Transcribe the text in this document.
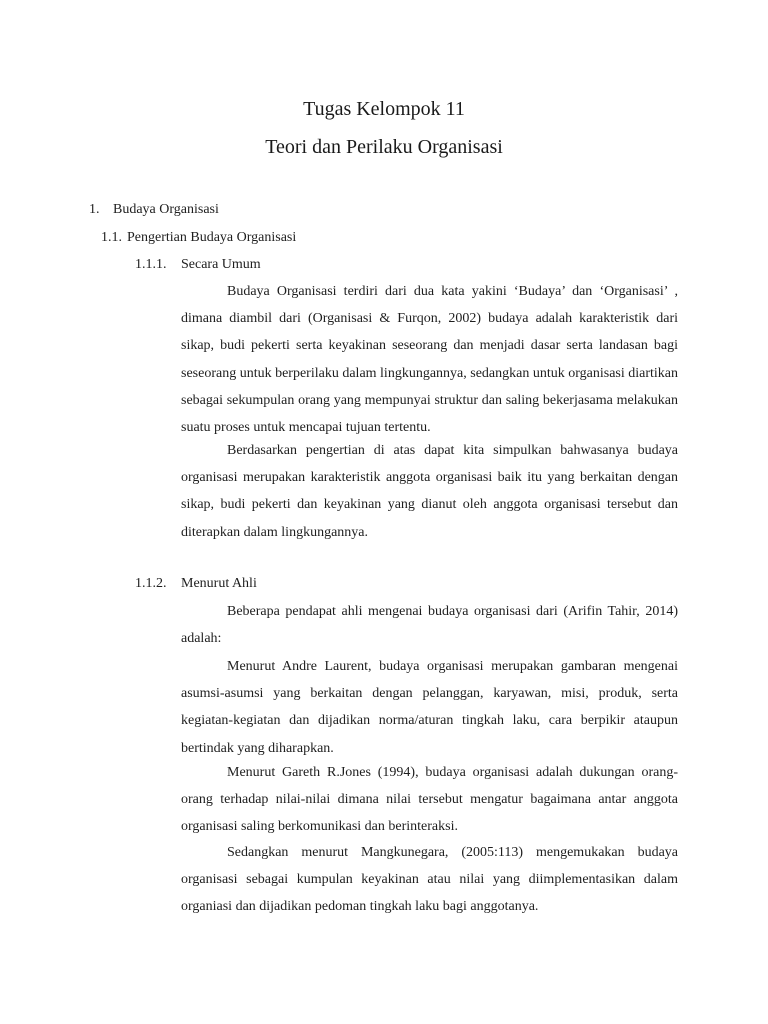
Tugas Kelompok 11
Teori dan Perilaku Organisasi
1. Budaya Organisasi
1.1. Pengertian Budaya Organisasi
1.1.1. Secara Umum

Budaya Organisasi terdiri dari dua kata yakini ‘Budaya’ dan ‘Organisasi’ , dimana diambil dari (Organisasi & Furqon, 2002) budaya adalah karakteristik dari sikap, budi pekerti serta keyakinan seseorang dan menjadi dasar serta landasan bagi seseorang untuk berperilaku dalam lingkungannya, sedangkan untuk organisasi diartikan sebagai sekumpulan orang yang mempunyai struktur dan saling bekerjasama melakukan suatu proses untuk mencapai tujuan tertentu.

Berdasarkan pengertian di atas dapat kita simpulkan bahwasanya budaya organisasi merupakan karakteristik anggota organisasi baik itu yang berkaitan dengan sikap, budi pekerti dan keyakinan yang dianut oleh anggota organisasi tersebut dan diterapkan dalam lingkungannya.

1.1.2. Menurut Ahli

Beberapa pendapat ahli mengenai budaya organisasi dari (Arifin Tahir, 2014) adalah:

Menurut Andre Laurent, budaya organisasi merupakan gambaran mengenai asumsi-asumsi yang berkaitan dengan pelanggan, karyawan, misi, produk, serta kegiatan-kegiatan dan dijadikan norma/aturan tingkah laku, cara berpikir ataupun bertindak yang diharapkan.

Menurut Gareth R.Jones (1994), budaya organisasi adalah dukungan orang-orang terhadap nilai-nilai dimana nilai tersebut mengatur bagaimana antar anggota organisasi saling berkomunikasi dan berinteraksi.

Sedangkan menurut Mangkunegara, (2005:113) mengemukakan budaya organisasi sebagai kumpulan keyakinan atau nilai yang diimplementasikan dalam organiasi dan dijadikan pedoman tingkah laku bagi anggotanya.
